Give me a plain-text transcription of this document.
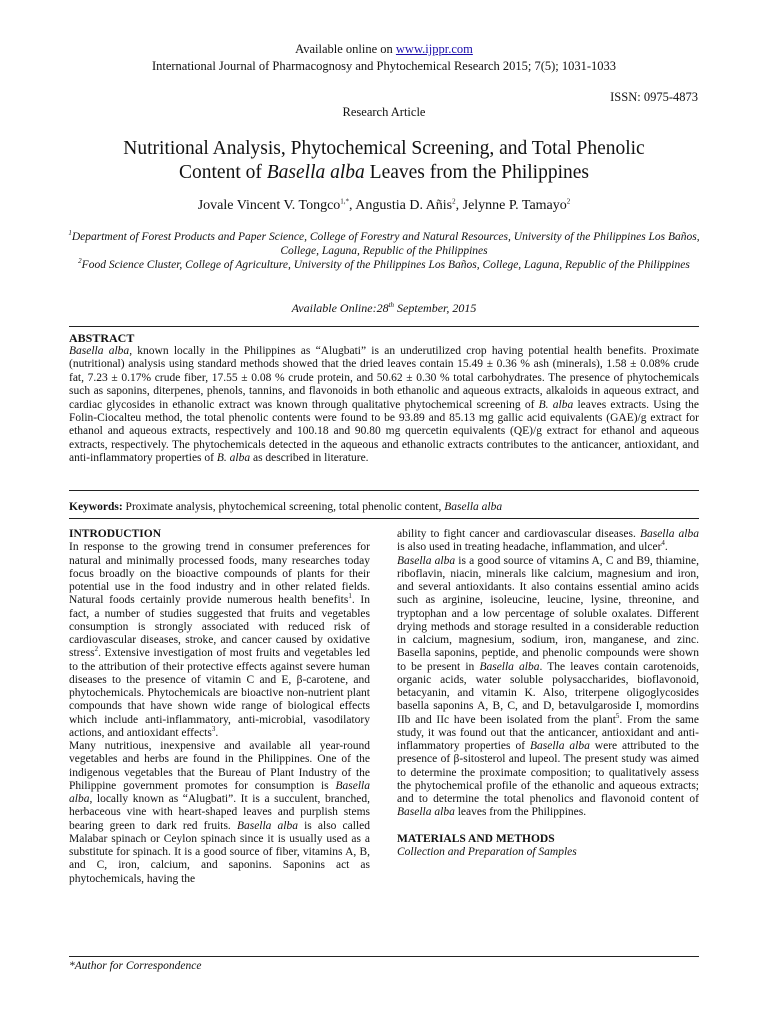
Available online on www.ijppr.com
International Journal of Pharmacognosy and Phytochemical Research 2015; 7(5); 1031-1033
ISSN: 0975-4873
Research Article
Nutritional Analysis, Phytochemical Screening, and Total Phenolic
Content of Basella alba Leaves from the Philippines
Jovale Vincent V. Tongco$^{1,*}$, Angustia D. Añis$^2$, Jelynne P. Tamayo$^2$
$^1$Department of Forest Products and Paper Science, College of Forestry and Natural Resources, University of the Philippines Los Baños, College, Laguna, Republic of the Philippines
$^2$Food Science Cluster, College of Agriculture, University of the Philippines Los Baños, College, Laguna, Republic of the Philippines
Available Online:28th September, 2015
ABSTRACT
Basella alba, known locally in the Philippines as “Alugbati” is an underutilized crop having potential health benefits. Proximate (nutritional) analysis using standard methods showed that the dried leaves contain 15.49 ± 0.36 % ash (minerals), 1.58 ± 0.08% crude fat, 7.23 ± 0.17% crude fiber, 17.55 ± 0.08 % crude protein, and 50.62 ± 0.30 % total carbohydrates. The presence of phytochemicals such as saponins, diterpenes, phenols, tannins, and flavonoids in both ethanolic and aqueous extracts, alkaloids in aqueous extract, and cardiac glycosides in ethanolic extract was known through qualitative phytochemical screening of B. alba leaves extracts. Using the Folin-Ciocalteu method, the total phenolic contents were found to be 93.89 and 85.13 mg gallic acid equivalents (GAE)/g extract for ethanol and aqueous extracts, respectively and 100.18 and 90.80 mg quercetin equivalents (QE)/g extract for ethanol and aqueous extracts, respectively. The phytochemicals detected in the aqueous and ethanolic extracts contributes to the anticancer, antioxidant, and anti-inflammatory properties of B. alba as described in literature.
Keywords: Proximate analysis, phytochemical screening, total phenolic content, Basella alba

INTRODUCTION

In response to the growing trend in consumer preferences for natural and minimally processed foods, many researches today focus broadly on the bioactive compounds of plants for their potential use in the food industry and in other related fields. Natural foods certainly provide numerous health benefits$^1$. In fact, a number of studies suggested that fruits and vegetables consumption is strongly associated with reduced risk of cardiovascular diseases, stroke, and cancer caused by oxidative stress$^2$. Extensive investigation of most fruits and vegetables led to the attribution of their protective effects against severe human diseases to the presence of vitamin C and E, β-carotene, and phytochemicals. Phytochemicals are bioactive non-nutrient plant compounds that have shown wide range of biological effects which include anti-inflammatory, anti-microbial, vasodilatory actions, and antioxidant effects$^3$.

Many nutritious, inexpensive and available all year-round vegetables and herbs are found in the Philippines. One of the indigenous vegetables that the Bureau of Plant Industry of the Philippine government promotes for consumption is Basella alba, locally known as “Alugbati”. It is a succulent, branched, herbaceous vine with heart-shaped leaves and purplish stems bearing green to dark red fruits. Basella alba is also called Malabar spinach or Ceylon spinach since it is usually used as a substitute for spinach. It is a good source of fiber, vitamins A, B, and C, iron, calcium, and saponins. Saponins act as phytochemicals, having the

ability to fight cancer and cardiovascular diseases. Basella alba is also used in treating headache, inflammation, and ulcer$^4$.

Basella alba is a good source of vitamins A, C and B9, thiamine, riboflavin, niacin, minerals like calcium, magnesium and iron, and several antioxidants. It also contains essential amino acids such as arginine, isoleucine, leucine, lysine, threonine, and tryptophan and a low percentage of soluble oxalates. Different drying methods and storage resulted in a considerable reduction in calcium, magnesium, sodium, iron, manganese, and zinc. Basella saponins, peptide, and phenolic compounds were shown to be present in Basella alba. The leaves contain carotenoids, organic acids, water soluble polysaccharides, bioflavonoid, betacyanin, and vitamin K. Also, triterpene oligoglycosides basella saponins A, B, C, and D, betavulgaroside I, momordins IIb and IIc have been isolated from the plant$^5$. From the same study, it was found out that the anticancer, antioxidant and anti-inflammatory properties of Basella alba were attributed to the presence of β-sitosterol and lupeol. The present study was aimed to determine the proximate composition; to qualitatively assess the phytochemical profile of the ethanolic and aqueous extracts; and to determine the total phenolics and flavonoid content of Basella alba leaves from the Philippines.

MATERIALS AND METHODS

Collection and Preparation of Samples

*Author for Correspondence
